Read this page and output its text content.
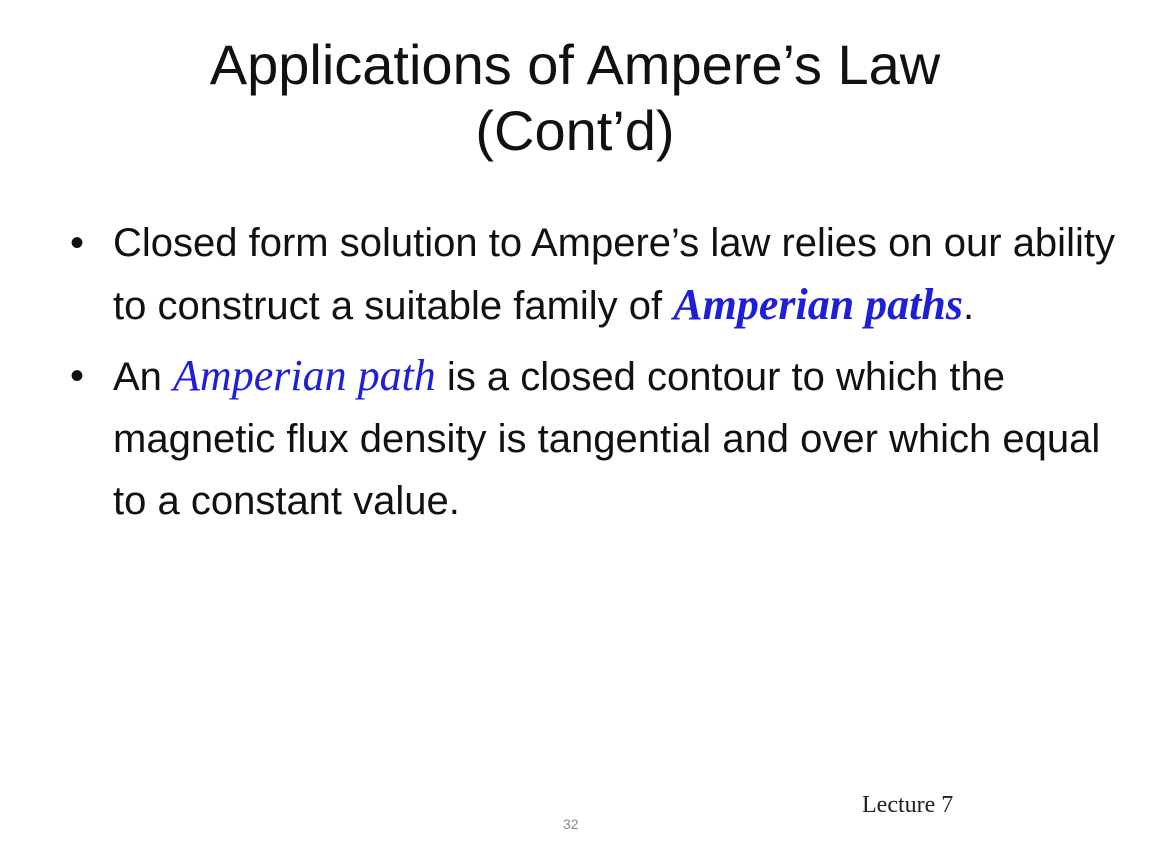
Applications of Ampere’s Law
(Cont’d)
• Closed form solution to Ampere’s law relies on our ability to construct a suitable family of Amperian paths.
• An Amperian path is a closed contour to which the magnetic flux density is tangential and over which equal to a constant value.
Lecture 7
32
